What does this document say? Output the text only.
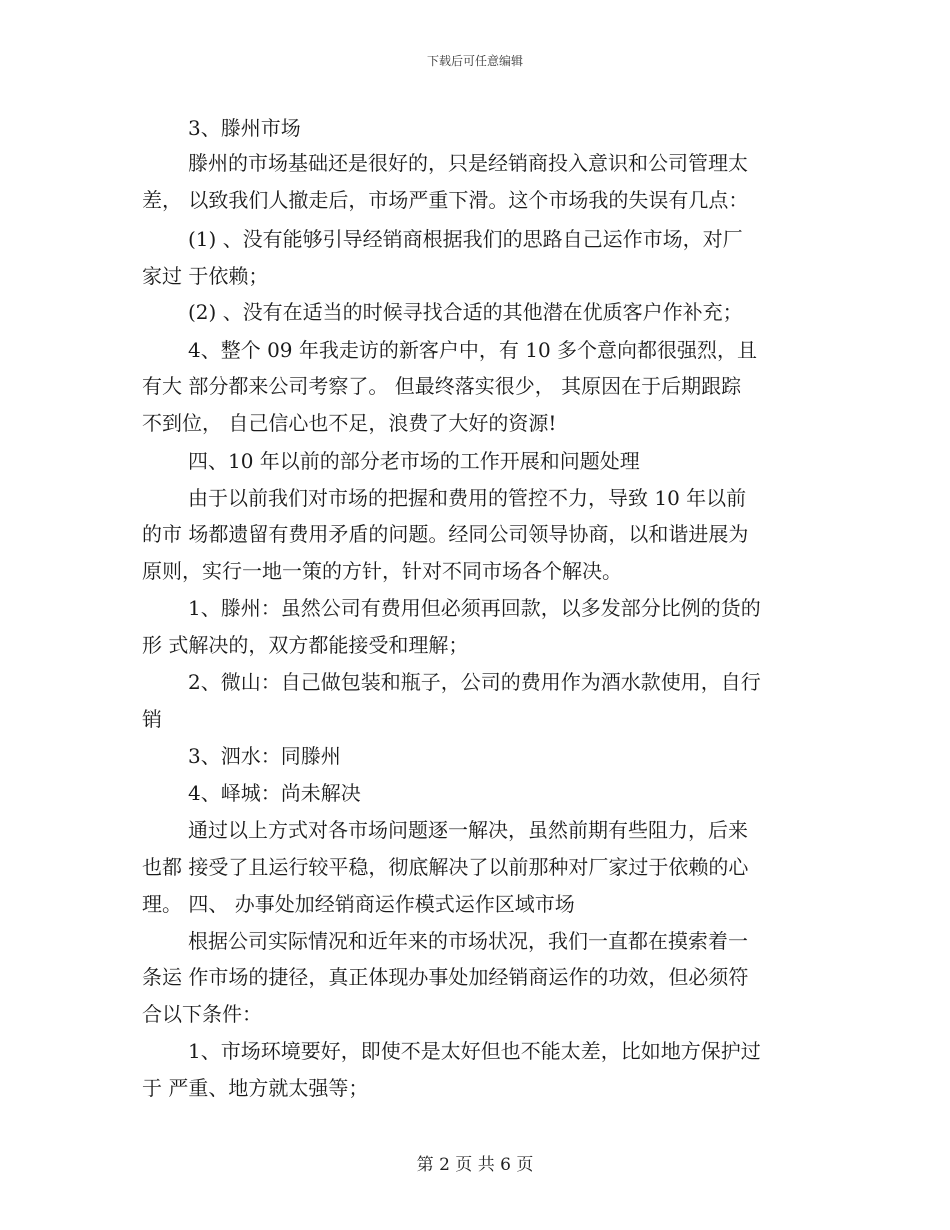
下载后可任意编辑
3、滕州市场
滕州的市场基础还是很好的，只是经销商投入意识和公司管理太
差， 以致我们人撤走后，市场严重下滑。这个市场我的失误有几点：
(1) 、没有能够引导经销商根据我们的思路自己运作市场，对厂
家过 于依赖；
(2) 、没有在适当的时候寻找合适的其他潜在优质客户作补充；
4、整个 09 年我走访的新客户中，有 10 多个意向都很强烈，且
有大 部分都来公司考察了。 但最终落实很少， 其原因在于后期跟踪
不到位， 自己信心也不足，浪费了大好的资源!
四、10 年以前的部分老市场的工作开展和问题处理
由于以前我们对市场的把握和费用的管控不力，导致 10 年以前
的市 场都遗留有费用矛盾的问题。经同公司领导协商，以和谐进展为
原则，实行一地一策的方针，针对不同市场各个解决。
1、滕州：虽然公司有费用但必须再回款，以多发部分比例的货的
形 式解决的，双方都能接受和理解；
2、微山：自己做包装和瓶子，公司的费用作为酒水款使用，自行
销
3、泗水：同滕州
4、峄城：尚未解决
通过以上方式对各市场问题逐一解决，虽然前期有些阻力，后来
也都 接受了且运行较平稳，彻底解决了以前那种对厂家过于依赖的心
理。 四、 办事处加经销商运作模式运作区域市场
根据公司实际情况和近年来的市场状况，我们一直都在摸索着一
条运 作市场的捷径，真正体现办事处加经销商运作的功效，但必须符
合以下条件：
1、市场环境要好，即使不是太好但也不能太差，比如地方保护过
于 严重、地方就太强等；
第 2 页 共 6 页
